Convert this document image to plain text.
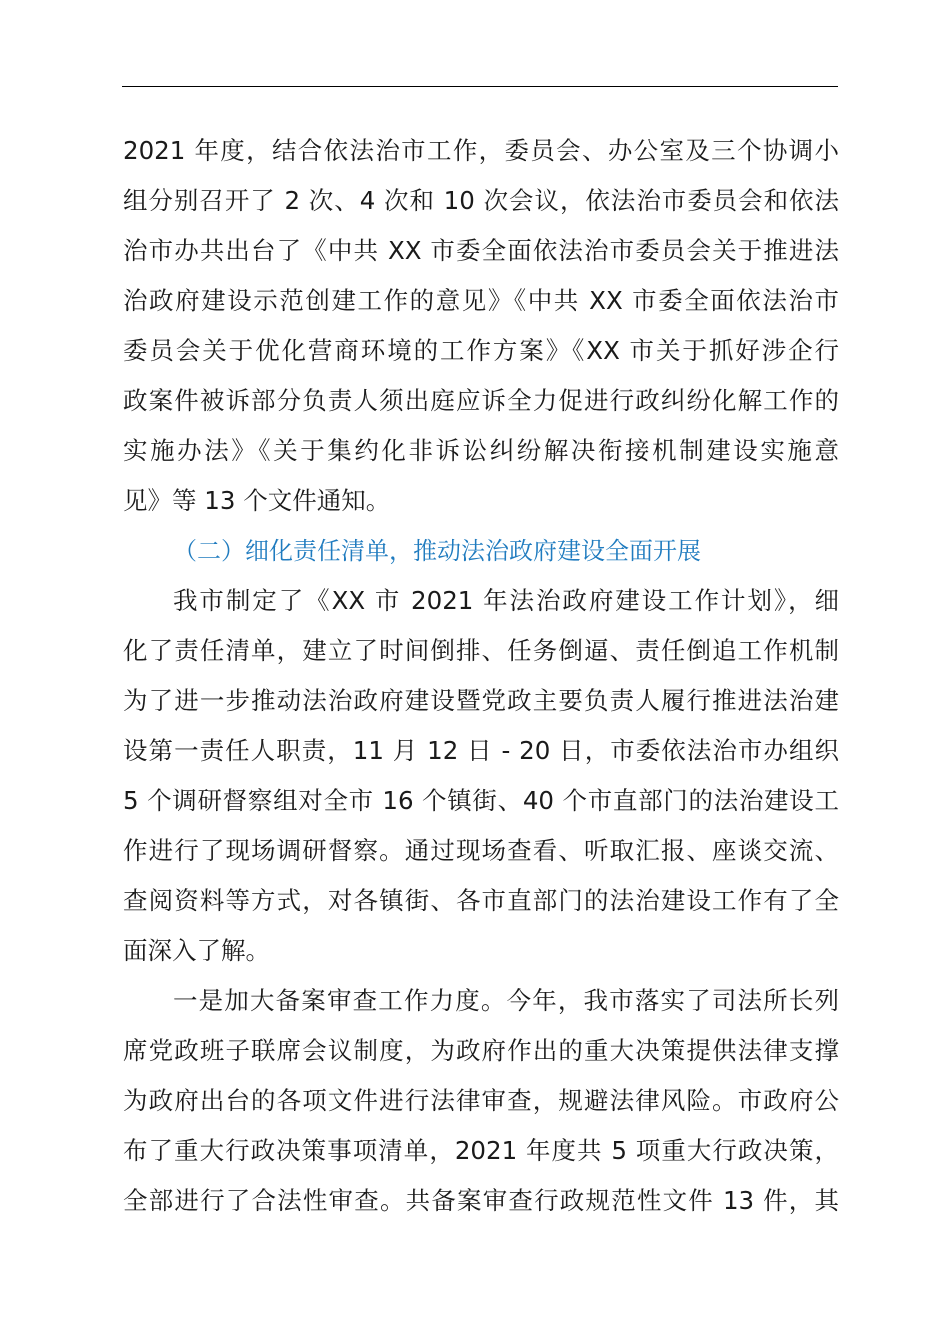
2021 年度，结合依法治市工作，委员会、办公室及三个协调小
组分别召开了 2 次、4 次和 10 次会议，依法治市委员会和依法
治市办共出台了《中共 XX 市委全面依法治市委员会关于推进法
治政府建设示范创建工作的意见》《中共 XX 市委全面依法治市
委员会关于优化营商环境的工作方案》《XX 市关于抓好涉企行
政案件被诉部分负责人须出庭应诉全力促进行政纠纷化解工作的
实施办法》《关于集约化非诉讼纠纷解决衔接机制建设实施意
见》等 13 个文件通知。
（二）细化责任清单，推动法治政府建设全面开展
我市制定了《XX 市 2021 年法治政府建设工作计划》，细
化了责任清单，建立了时间倒排、任务倒逼、责任倒追工作机制
为了进一步推动法治政府建设暨党政主要负责人履行推进法治建
设第一责任人职责，11 月 12 日 - 20 日，市委依法治市办组织
5 个调研督察组对全市 16 个镇街、40 个市直部门的法治建设工
作进行了现场调研督察。通过现场查看、听取汇报、座谈交流、
查阅资料等方式，对各镇街、各市直部门的法治建设工作有了全
面深入了解。
一是加大备案审查工作力度。今年，我市落实了司法所长列
席党政班子联席会议制度，为政府作出的重大决策提供法律支撑
为政府出台的各项文件进行法律审查，规避法律风险。市政府公
布了重大行政决策事项清单，2021 年度共 5 项重大行政决策，
全部进行了合法性审查。共备案审查行政规范性文件 13 件，其
